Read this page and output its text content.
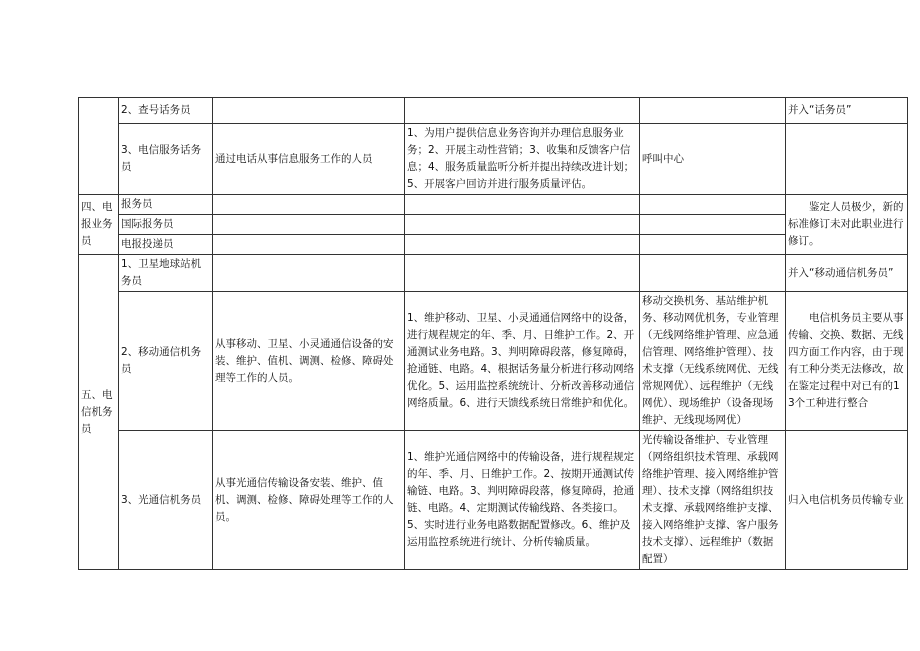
	2、查号话务员				并入“话务员”
	3、电信服务话务员	通过电话从事信息服务工作的人员	1、为用户提供信息业务咨询并办理信息服务业务；2、开展主动性营销；3、收集和反馈客户信息；4、服务质量监听分析并提出持续改进计划；5、开展客户回访并进行服务质量评估。	呼叫中心	
四、电报业务员	报务员				鉴定人员极少，新的标准修订未对此职业进行修订。
	国际报务员				
	电报投递员				
五、电信机务员	1、卫星地球站机务员				并入“移动通信机务员”
	2、移动通信机务员	从事移动、卫星、小灵通通信设备的安装、维护、值机、调测、检修、障碍处理等工作的人员。	1、维护移动、卫星、小灵通通信网络中的设备，进行规程规定的年、季、月、日维护工作。2、开通测试业务电路。3、判明障碍段落，修复障碍，抢通链、电路。4、根据话务量分析进行移动网络优化。5、运用监控系统统计、分析改善移动通信网络质量。6、进行天馈线系统日常维护和优化。	移动交换机务、基站维护机务、移动网优机务，专业管理（无线网络维护管理、应急通信管理、网络维护管理）、技术支撑（无线系统网优、无线常规网优）、远程维护（无线网优）、现场维护（设备现场维护、无线现场网优）	电信机务员主要从事传输、交换、数据、无线四方面工作内容，由于现有工种分类无法修改，故在鉴定过程中对已有的13个工种进行整合
	3、光通信机务员	从事光通信传输设备安装、维护、值机、调测、检修、障碍处理等工作的人员。	1、维护光通信网络中的传输设备，进行规程规定的年、季、月、日维护工作。2、按期开通测试传输链、电路。3、判明障碍段落，修复障碍，抢通链、电路。4、定期测试传输线路、各类接口。5、实时进行业务电路数据配置修改。6、维护及运用监控系统进行统计、分析传输质量。	光传输设备维护、专业管理（网络组织技术管理、承载网络维护管理、接入网络维护管理）、技术支撑（网络组织技术支撑、承载网络维护支撑、接入网络维护支撑、客户服务技术支撑）、远程维护（数据配置）	归入电信机务员传输专业
